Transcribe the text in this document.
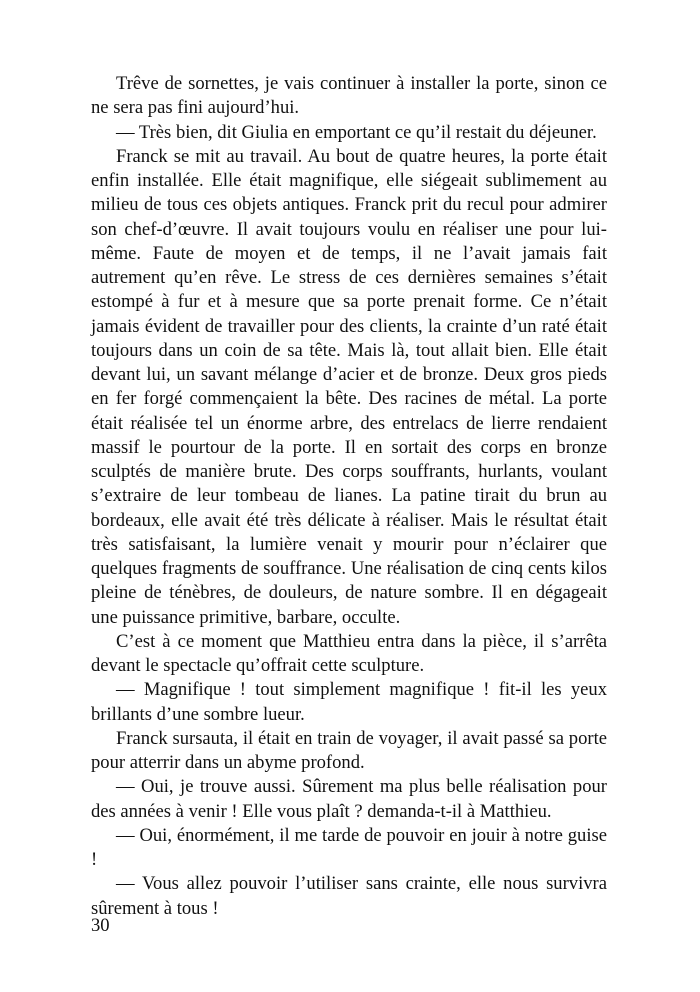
Trêve de sornettes, je vais continuer à installer la porte, sinon ce ne sera pas fini aujourd’hui.

— Très bien, dit Giulia en emportant ce qu’il restait du déjeuner.

Franck se mit au travail. Au bout de quatre heures, la porte était enfin installée. Elle était magnifique, elle siégeait sublimement au milieu de tous ces objets antiques. Franck prit du recul pour admirer son chef-d’œuvre. Il avait toujours voulu en réaliser une pour lui-même. Faute de moyen et de temps, il ne l’avait jamais fait autrement qu’en rêve. Le stress de ces dernières semaines s’était estompé à fur et à mesure que sa porte prenait forme. Ce n’était jamais évident de travailler pour des clients, la crainte d’un raté était toujours dans un coin de sa tête. Mais là, tout allait bien. Elle était devant lui, un savant mélange d’acier et de bronze. Deux gros pieds en fer forgé commençaient la bête. Des racines de métal. La porte était réalisée tel un énorme arbre, des entrelacs de lierre rendaient massif le pourtour de la porte. Il en sortait des corps en bronze sculptés de manière brute. Des corps souffrants, hurlants, voulant s’extraire de leur tombeau de lianes. La patine tirait du brun au bordeaux, elle avait été très délicate à réaliser. Mais le résultat était très satisfaisant, la lumière venait y mourir pour n’éclairer que quelques fragments de souffrance. Une réalisation de cinq cents kilos pleine de ténèbres, de douleurs, de nature sombre. Il en dégageait une puissance primitive, barbare, occulte.

C’est à ce moment que Matthieu entra dans la pièce, il s’arrêta devant le spectacle qu’offrait cette sculpture.

— Magnifique ! tout simplement magnifique ! fit-il les yeux brillants d’une sombre lueur.

Franck sursauta, il était en train de voyager, il avait passé sa porte pour atterrir dans un abyme profond.

— Oui, je trouve aussi. Sûrement ma plus belle réalisation pour des années à venir ! Elle vous plaît ? demanda-t-il à Matthieu.

— Oui, énormément, il me tarde de pouvoir en jouir à notre guise !

— Vous allez pouvoir l’utiliser sans crainte, elle nous survivra sûrement à tous !

30
